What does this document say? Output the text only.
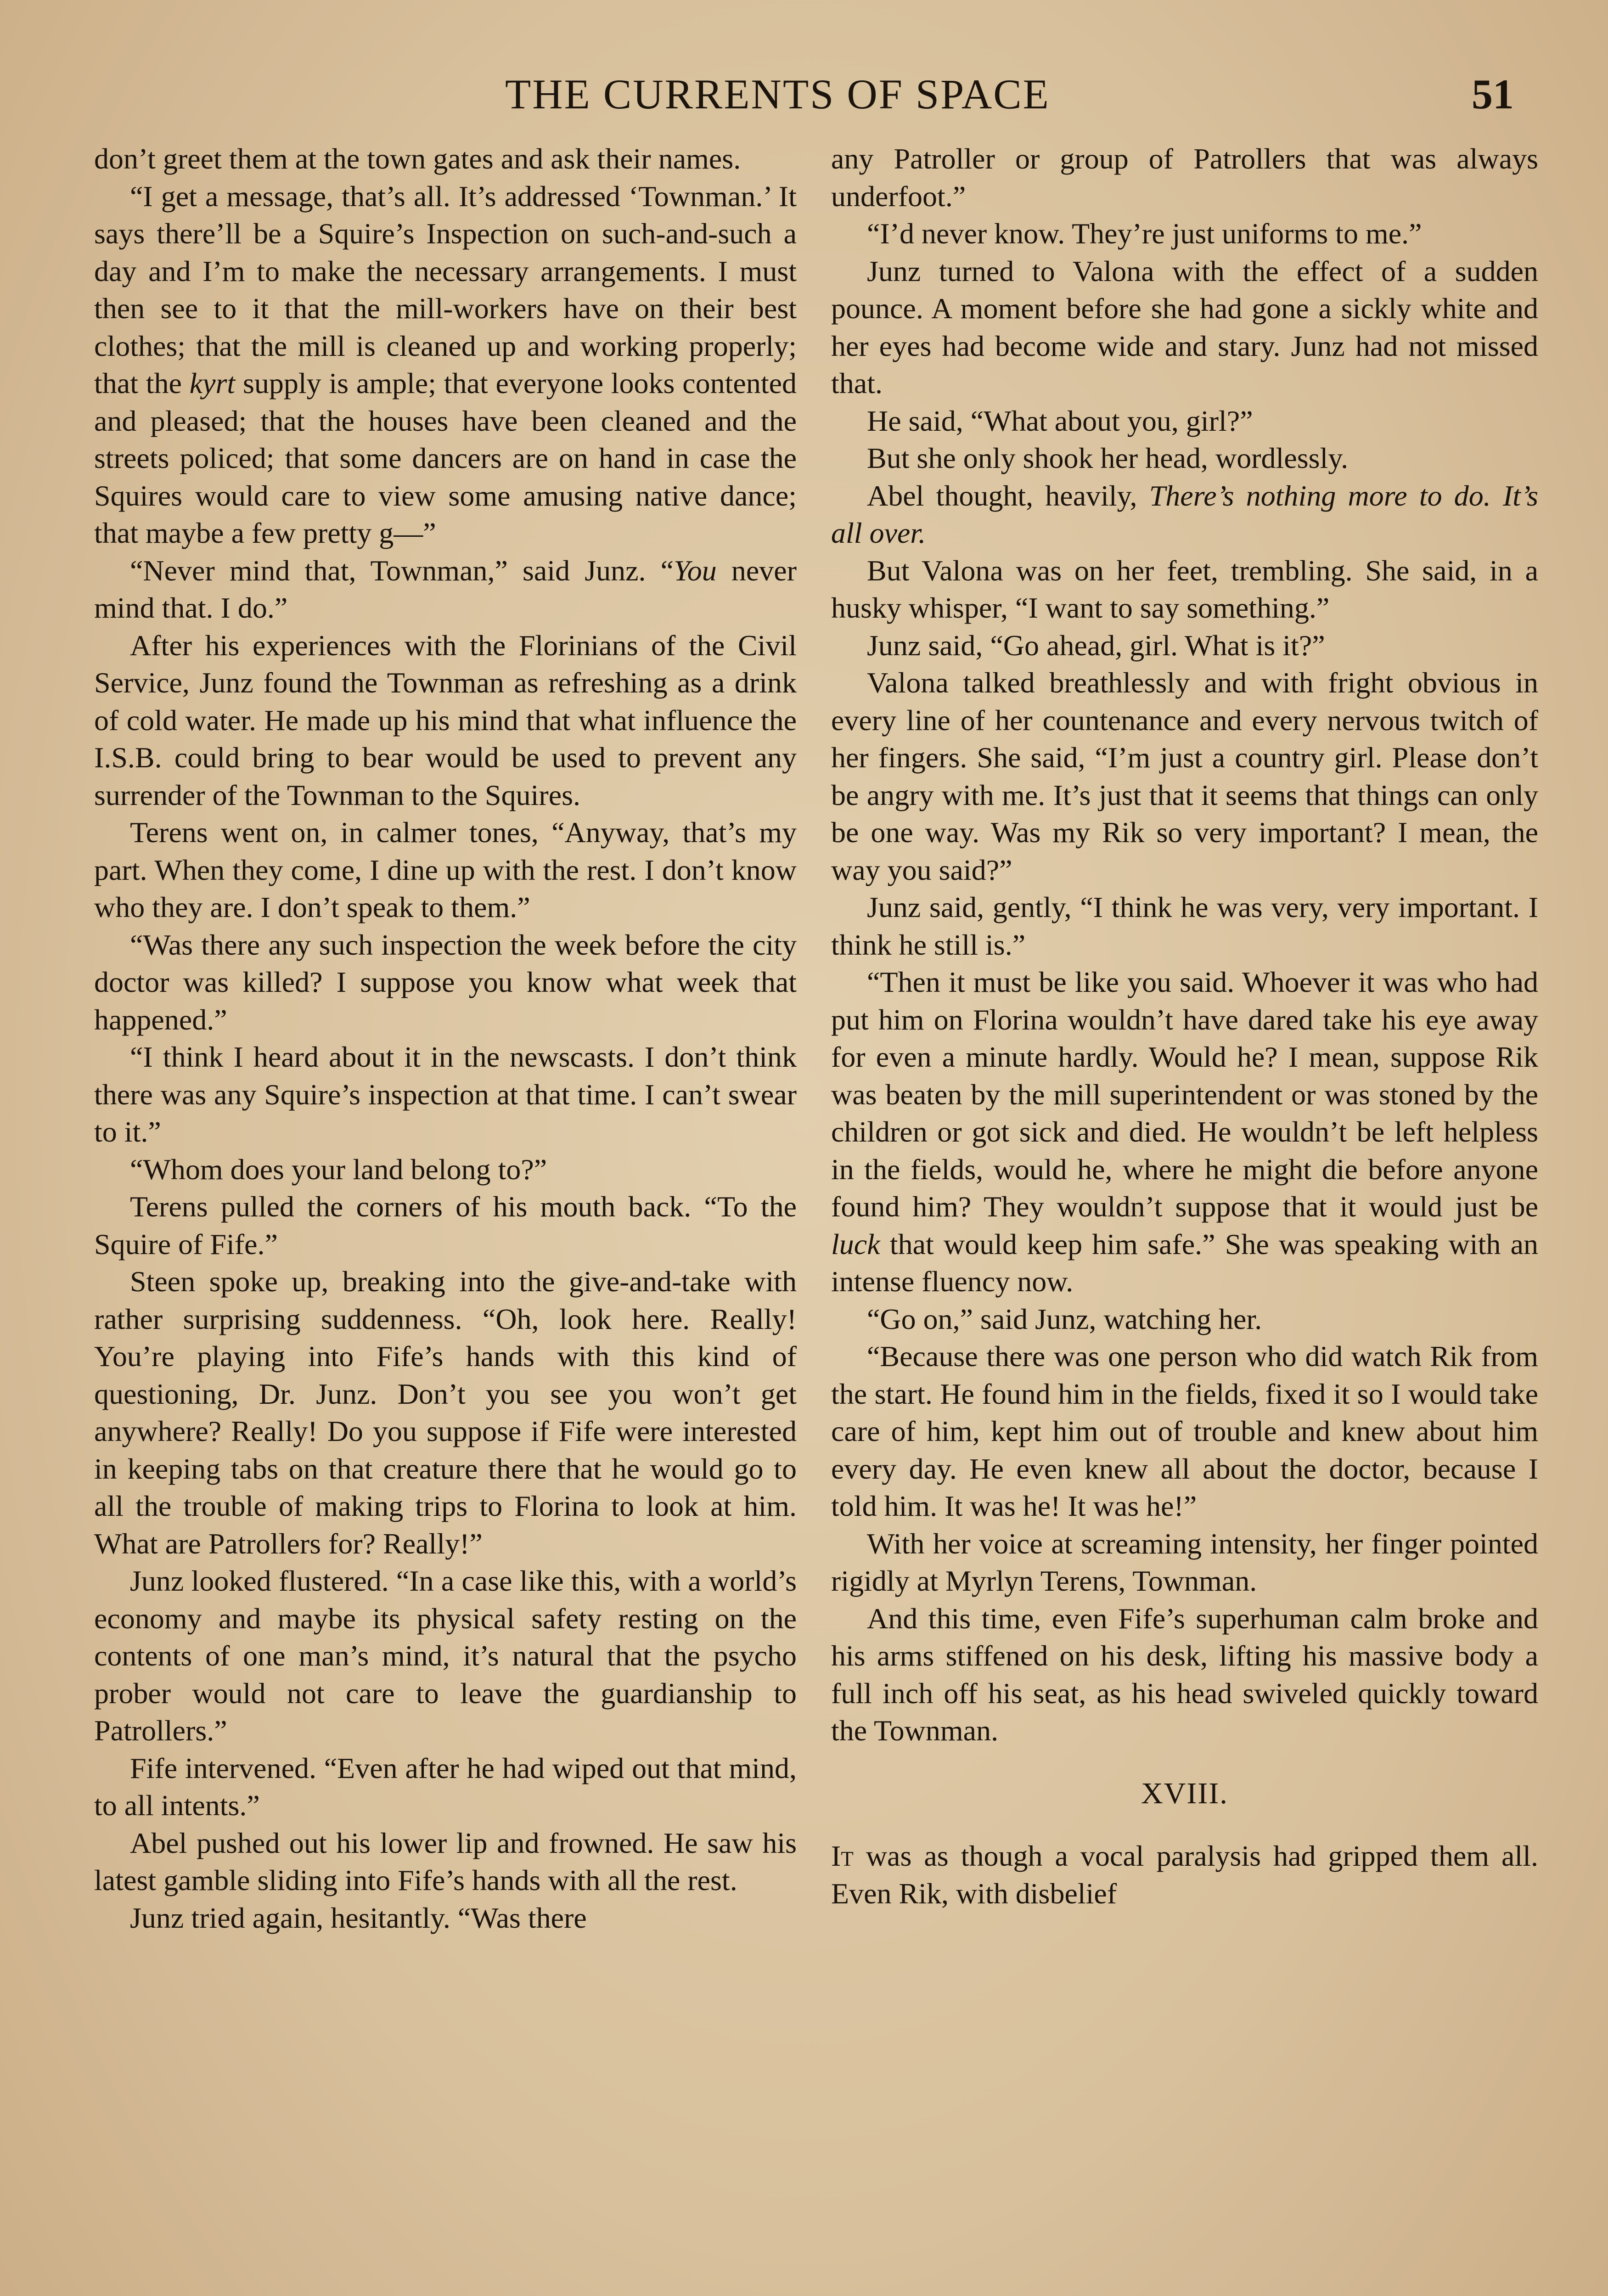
THE CURRENTS OF SPACE	51

don’t greet them at the town gates and ask their names.

“I get a message, that’s all. It’s addressed ‘Townman.’ It says there’ll be a Squire’s Inspection on such-and-such a day and I’m to make the necessary arrangements. I must then see to it that the mill-workers have on their best clothes; that the mill is cleaned up and working properly; that the kyrt supply is ample; that everyone looks contented and pleased; that the houses have been cleaned and the streets policed; that some dancers are on hand in case the Squires would care to view some amusing native dance; that maybe a few pretty g—”

“Never mind that, Townman,” said Junz. “You never mind that. I do.”

After his experiences with the Florinians of the Civil Service, Junz found the Townman as refreshing as a drink of cold water. He made up his mind that what influence the I.S.B. could bring to bear would be used to prevent any surrender of the Townman to the Squires.

Terens went on, in calmer tones, “Anyway, that’s my part. When they come, I dine up with the rest. I don’t know who they are. I don’t speak to them.”

“Was there any such inspection the week before the city doctor was killed? I suppose you know what week that happened.”

“I think I heard about it in the newscasts. I don’t think there was any Squire’s inspection at that time. I can’t swear to it.”

“Whom does your land belong to?”

Terens pulled the corners of his mouth back. “To the Squire of Fife.”

Steen spoke up, breaking into the give-and-take with rather surprising suddenness. “Oh, look here. Really! You’re playing into Fife’s hands with this kind of questioning, Dr. Junz. Don’t you see you won’t get anywhere? Really! Do you suppose if Fife were interested in keeping tabs on that creature there that he would go to all the trouble of making trips to Florina to look at him. What are Patrollers for? Really!”

Junz looked flustered. “In a case like this, with a world’s economy and maybe its physical safety resting on the contents of one man’s mind, it’s natural that the psycho prober would not care to leave the guardianship to Patrollers.”

Fife intervened. “Even after he had wiped out that mind, to all intents.”

Abel pushed out his lower lip and frowned. He saw his latest gamble sliding into Fife’s hands with all the rest.

Junz tried again, hesitantly. “Was there

any Patroller or group of Patrollers that was always underfoot.”

“I’d never know. They’re just uniforms to me.”

Junz turned to Valona with the effect of a sudden pounce. A moment before she had gone a sickly white and her eyes had become wide and stary. Junz had not missed that.

He said, “What about you, girl?”

But she only shook her head, wordlessly.

Abel thought, heavily, There’s nothing more to do. It’s all over.

But Valona was on her feet, trembling. She said, in a husky whisper, “I want to say something.”

Junz said, “Go ahead, girl. What is it?”

Valona talked breathlessly and with fright obvious in every line of her countenance and every nervous twitch of her fingers. She said, “I’m just a country girl. Please don’t be angry with me. It’s just that it seems that things can only be one way. Was my Rik so very important? I mean, the way you said?”

Junz said, gently, “I think he was very, very important. I think he still is.”

“Then it must be like you said. Whoever it was who had put him on Florina wouldn’t have dared take his eye away for even a minute hardly. Would he? I mean, suppose Rik was beaten by the mill superintendent or was stoned by the children or got sick and died. He wouldn’t be left helpless in the fields, would he, where he might die before anyone found him? They wouldn’t suppose that it would just be luck that would keep him safe.” She was speaking with an intense fluency now.

“Go on,” said Junz, watching her.

“Because there was one person who did watch Rik from the start. He found him in the fields, fixed it so I would take care of him, kept him out of trouble and knew about him every day. He even knew all about the doctor, because I told him. It was he! It was he!”

With her voice at screaming intensity, her finger pointed rigidly at Myrlyn Terens, Townman.

And this time, even Fife’s superhuman calm broke and his arms stiffened on his desk, lifting his massive body a full inch off his seat, as his head swiveled quickly toward the Townman.

XVIII.

It was as though a vocal paralysis had gripped them all. Even Rik, with disbelief
